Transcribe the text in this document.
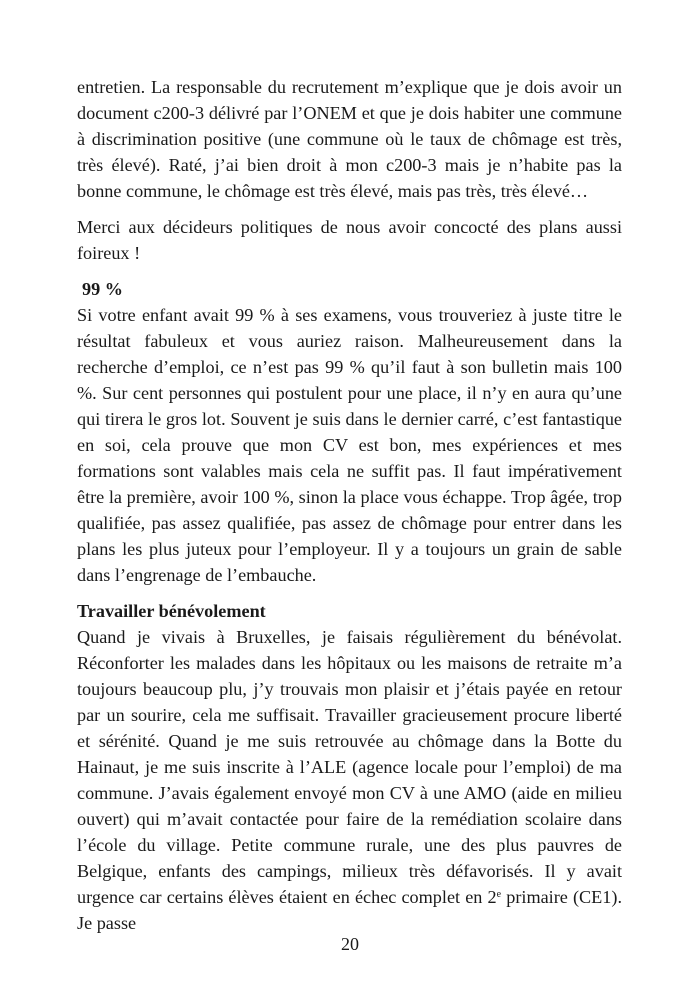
entretien. La responsable du recrutement m’explique que je dois avoir un document c200-3 délivré par l’ONEM et que je dois habiter une commune à discrimination positive (une commune où le taux de chômage est très, très élevé). Raté, j’ai bien droit à mon c200-3 mais je n’habite pas la bonne commune, le chômage est très élevé, mais pas très, très élevé…

Merci aux décideurs politiques de nous avoir concocté des plans aussi foireux !

99 %

Si votre enfant avait 99 % à ses examens, vous trouveriez à juste titre le résultat fabuleux et vous auriez raison. Malheureusement dans la recherche d’emploi, ce n’est pas 99 % qu’il faut à son bulletin mais 100 %. Sur cent personnes qui postulent pour une place, il n’y en aura qu’une qui tirera le gros lot. Souvent je suis dans le dernier carré, c’est fantastique en soi, cela prouve que mon CV est bon, mes expériences et mes formations sont valables mais cela ne suffit pas. Il faut impérativement être la première, avoir 100 %, sinon la place vous échappe. Trop âgée, trop qualifiée, pas assez qualifiée, pas assez de chômage pour entrer dans les plans les plus juteux pour l’employeur. Il y a toujours un grain de sable dans l’engrenage de l’embauche.

Travailler bénévolement

Quand je vivais à Bruxelles, je faisais régulièrement du bénévolat. Réconforter les malades dans les hôpitaux ou les maisons de retraite m’a toujours beaucoup plu, j’y trouvais mon plaisir et j’étais payée en retour par un sourire, cela me suffisait. Travailler gracieusement procure liberté et sérénité. Quand je me suis retrouvée au chômage dans la Botte du Hainaut, je me suis inscrite à l’ALE (agence locale pour l’emploi) de ma commune. J’avais également envoyé mon CV à une AMO (aide en milieu ouvert) qui m’avait contactée pour faire de la remédiation scolaire dans l’école du village. Petite commune rurale, une des plus pauvres de Belgique, enfants des campings, milieux très défavorisés. Il y avait urgence car certains élèves étaient en échec complet en 2e primaire (CE1). Je passe

20
